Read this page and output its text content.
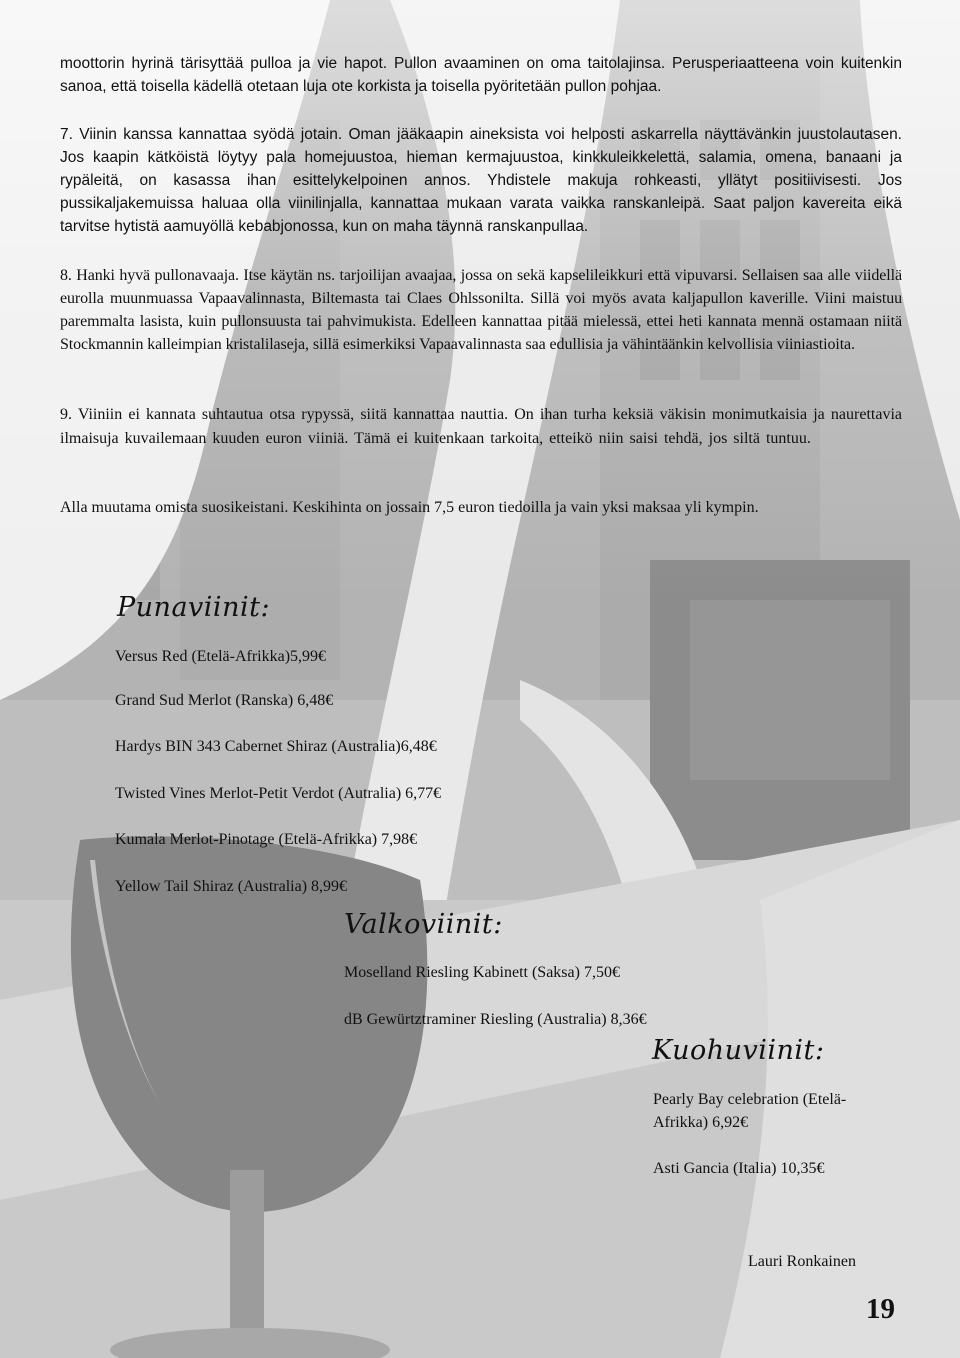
moottorin hyrinä tärisyttää pulloa ja vie hapot. Pullon avaaminen on oma taitolajinsa. Perusperiaatteena voin kuitenkin sanoa, että toisella kädellä otetaan luja ote korkista ja toisella pyöritetään pullon pohjaa.

7. Viinin kanssa kannattaa syödä jotain. Oman jääkaapin aineksista voi helposti askarrella näyttävänkin juustolautasen. Jos kaapin kätköistä löytyy pala homejuustoa, hieman kermajuustoa, kinkkuleikkelettä, salamia, omena, banaani ja rypäleitä, on kasassa ihan esittelykelpoinen annos. Yhdistele makuja rohkeasti, yllätyt positiivisesti. Jos pussikaljakemuissa haluaa olla viinilinjalla, kannattaa mukaan varata vaikka ranskanleipä. Saat paljon kavereita eikä tarvitse hytistä aamuyöllä kebabjonossa, kun on maha täynnä ranskanpullaa.

8. Hanki hyvä pullonavaaja. Itse käytän ns. tarjoilijan avaajaa, jossa on sekä kapselileikkuri että vipuvarsi. Sellaisen saa alle viidellä eurolla muunmuassa Vapaavalinnasta, Biltemasta tai Claes Ohlssonilta. Sillä voi myös avata kaljapullon kaverille. Viini maistuu paremmalta lasista, kuin pullonsuusta tai pahvimukista. Edelleen kannattaa pitää mielessä, ettei heti kannata mennä ostamaan niitä Stockmannin kalleimpian kristalilaseja, sillä esimerkiksi Vapaavalinnasta saa edullisia ja vähintäänkin kelvollisia viiniastioita.

9. Viiniin ei kannata suhtautua otsa rypyssä, siitä kannattaa nauttia. On ihan turha keksiä väkisin monimutkaisia ja naurettavia ilmaisuja kuvailemaan kuuden euron viiniä. Tämä ei kuitenkaan tarkoita, etteikö niin saisi tehdä, jos siltä tuntuu.

Alla muutama omista suosikeistani. Keskihinta on jossain 7,5 euron tiedoilla ja vain yksi maksaa yli kympin.

Punaviinit:

Versus Red (Etelä-Afrikka)5,99€

Grand Sud Merlot (Ranska) 6,48€

Hardys BIN 343 Cabernet Shiraz (Australia)6,48€

Twisted Vines Merlot-Petit Verdot (Autralia) 6,77€

Kumala Merlot-Pinotage (Etelä-Afrikka) 7,98€

Yellow Tail Shiraz (Australia) 8,99€

Valkoviinit:

Moselland Riesling Kabinett (Saksa) 7,50€

dB Gewürtztraminer Riesling (Australia) 8,36€

Kuohuviinit:

Pearly Bay celebration (Etelä-Afrikka) 6,92€

Asti Gancia (Italia) 10,35€

Lauri Ronkainen

19
